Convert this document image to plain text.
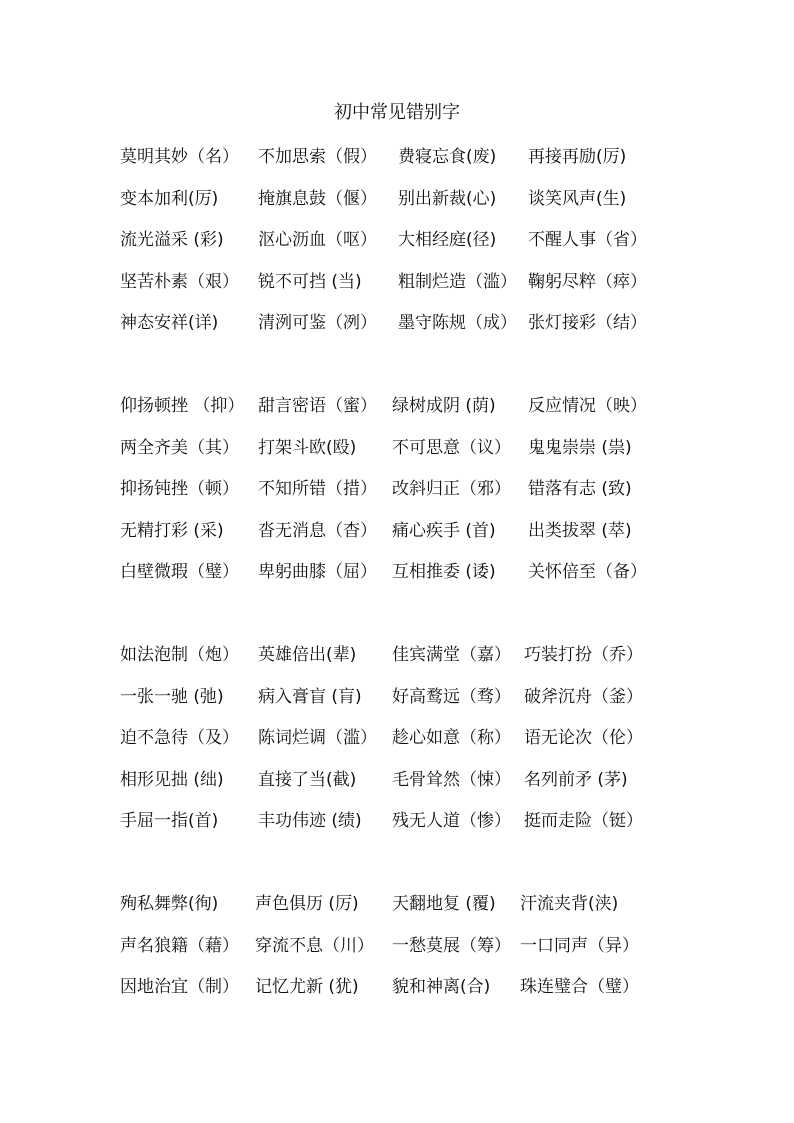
初中常见错别字
莫明其妙（名） 不加思索（假） 费寝忘食(废) 再接再励(厉)
变本加利(厉) 掩旗息鼓（偃） 别出新裁(心) 谈笑风声(生)
流光溢采 (彩) 沤心沥血（呕） 大相经庭(径) 不醒人事（省）
坚苦朴素（艰） 锐不可挡 (当) 粗制烂造（滥） 鞠躬尽粹（瘁）
神态安祥(详) 清洌可鉴（冽） 墨守陈规（成） 张灯接彩（结）
仰扬顿挫 （抑） 甜言密语（蜜） 绿树成阴 (荫) 反应情况（映）
两全齐美（其） 打架斗欧(殴) 不可思意（议） 鬼鬼崇崇 (祟)
抑扬钝挫（顿） 不知所错（措） 改斜归正（邪） 错落有志 (致)
无精打彩 (采) 沓无消息（杳） 痛心疾手 (首) 出类拔翠 (萃)
白壁微瑕（璧） 卑躬曲膝（屈） 互相推委 (诿) 关怀倍至（备）
如法泡制（炮） 英雄倍出(辈) 佳宾满堂（嘉） 巧装打扮（乔）
一张一驰 (弛) 病入膏盲 (肓) 好高鹜远（骛） 破斧沉舟（釜）
迫不急待（及） 陈词烂调（滥） 趁心如意（称） 语无论次（伦）
相形见拙 (绌) 直接了当(截) 毛骨耸然（悚） 名列前矛 (茅)
手屈一指(首) 丰功伟迹 (绩) 残无人道（惨） 挺而走险（铤）
殉私舞弊(徇) 声色俱历 (厉) 天翻地复 (覆) 汗流夹背(浃)
声名狼籍（藉） 穿流不息（川） 一愁莫展（筹） 一口同声（异）
因地治宜（制） 记忆尤新 (犹) 貌和神离(合) 珠连璧合（璧）
